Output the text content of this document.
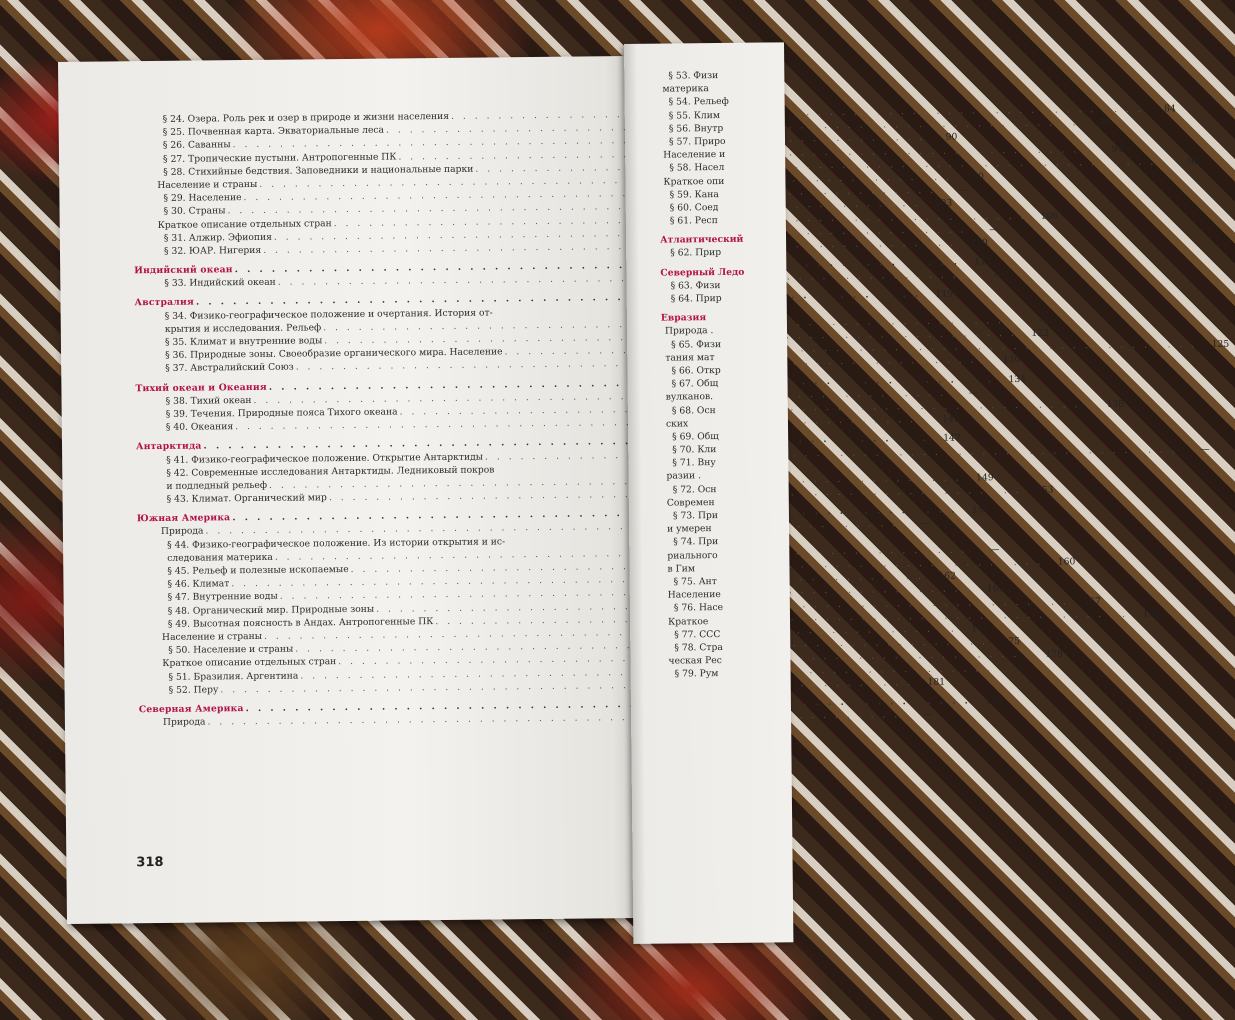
§ 24. Озера. Роль рек и озер в природе и жизни населения
. . .
84
§ 25. Почвенная карта. Экваториальные леса
. . .
86
§ 26. Саванны
. . .
90
§ 27. Тропические пустыни. Антропогенные ПК
. . .
94
§ 28. Стихийные бедствия. Заповедники и национальные парки
. . .
98
Население и страны
. . .
100
§ 29. Население
. . .
—
§ 30. Страны
. . .
103
Краткое описание отдельных стран
. . .
106
§ 31. Алжир. Эфиопия
. . .
—
§ 32. ЮАР. Нигерия
. . .
110
Индийский океан
. . .
114
§ 33. Индийский океан
. . .
—
Австралия
. . .
119
§ 34. Физико-географическое положение и очертания. История от-
крытия и исследования. Рельеф
. . .
—
§ 35. Климат и внутренние воды
. . .
122
§ 36. Природные зоны. Своеобразие органического мира. Население
. . .
125
§ 37. Австралийский Союз
. . .
130
Тихий океан и Океания
. . .
134
§ 38. Тихий океан
. . .
—
§ 39. Течения. Природные пояса Тихого океана
. . .
138
§ 40. Океания
. . .
142
Антарктида
. . .
147
§ 41. Физико-географическое положение. Открытие Антарктиды
. . .
—
§ 42. Современные исследования Антарктиды. Ледниковый покров
и подледный рельеф
. . .
149
§ 43. Климат. Органический мир
. . .
153
Южная Америка
. . .
157
Природа
. . .
—
§ 44. Физико-географическое положение. Из истории открытия и ис-
следования материка
. . .
—
§ 45. Рельеф и полезные ископаемые
. . .
160
§ 46. Климат
. . .
162
§ 47. Внутренние воды
. . .
165
§ 48. Органический мир. Природные зоны
. . .
167
§ 49. Высотная поясность в Андах. Антропогенные ПК
. . .
170
Население и страны
. . .
175
§ 50. Население и страны
. . .
175
Краткое описание отдельных стран
. . .
178
§ 51. Бразилия. Аргентина
. . .
—
§ 52. Перу
. . .
181
Северная Америка
. . .
185
Природа
. . .
—
318
§ 53. Физи
материка
§ 54. Рельеф
§ 55. Клим
§ 56. Внутр
§ 57. Приро
Население и
§ 58. Насел
Краткое опи
§ 59. Кана
§ 60. Соед
§ 61. Респ
Атлантический
§ 62. Прир
Северный Ледо
§ 63. Физи
§ 64. Прир
Евразия
Природа .
§ 65. Физи
тания мат
§ 66. Откр
§ 67. Общ
вулканов.
§ 68. Осн
ских
§ 69. Общ
§ 70. Кли
§ 71. Вну
разии .
§ 72. Осн
Современ
§ 73. При
и умерен
§ 74. При
риального
в Гим
§ 75. Ант
Население
§ 76. Насе
Краткое
§ 77. ССС
§ 78. Стра
ческая Рес
§ 79. Рум
